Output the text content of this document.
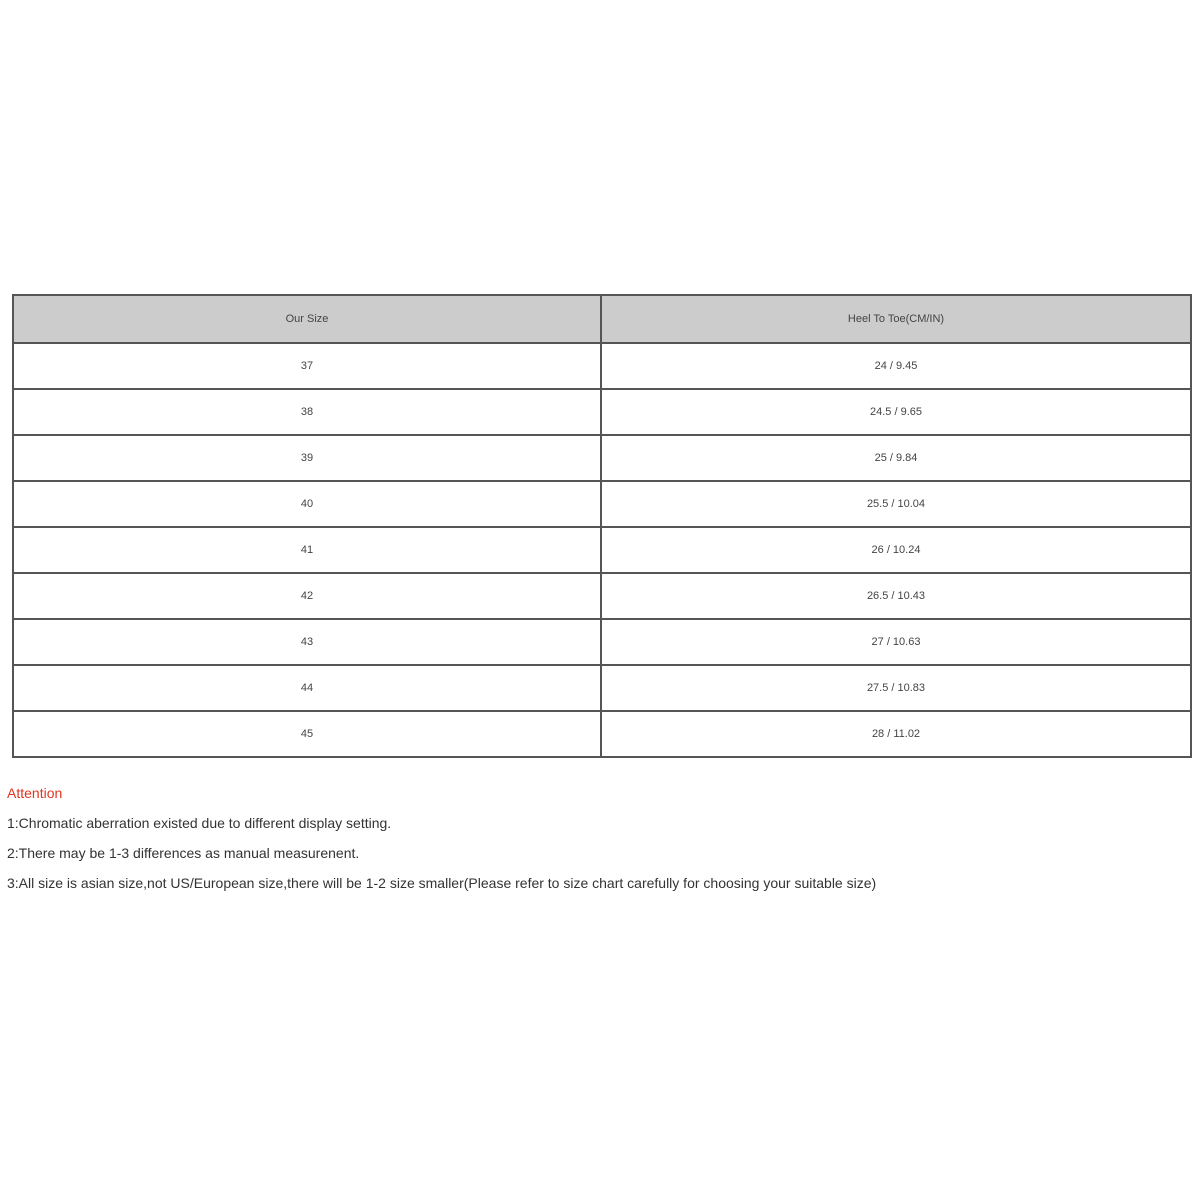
Our Size	Heel To Toe(CM/IN)
37	24 / 9.45
38	24.5 / 9.65
39	25 / 9.84
40	25.5 / 10.04
41	26 / 10.24
42	26.5 / 10.43
43	27 / 10.63
44	27.5 / 10.83
45	28 / 11.02

Attention

1:Chromatic aberration existed due to different display setting.

2:There may be 1-3 differences as manual measurenent.

3:All size is asian size,not US/European size,there will be 1-2 size smaller(Please refer to size chart carefully for choosing your suitable size)
